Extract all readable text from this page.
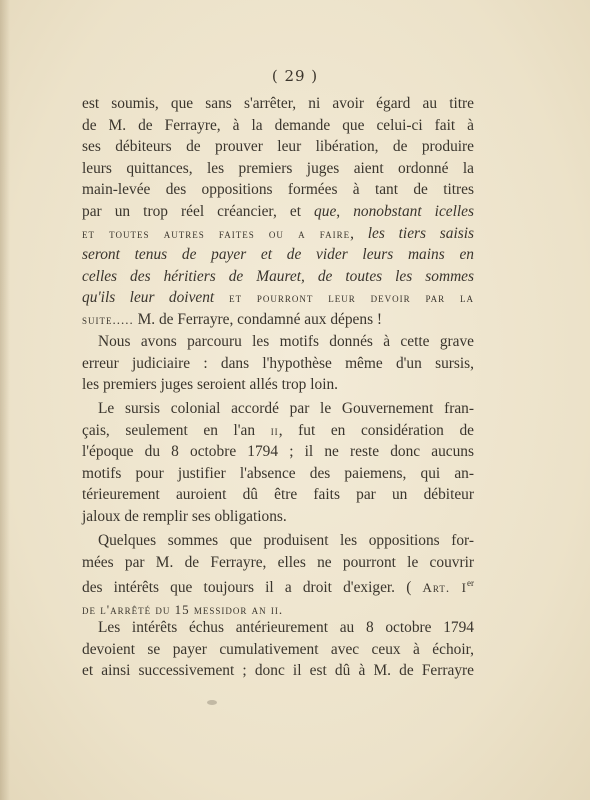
( 29 )
est soumis, que sans s'arrêter, ni avoir égard au titre
de M. de Ferrayre, à la demande que celui-ci fait à
ses débiteurs de prouver leur libération, de produire
leurs quittances, les premiers juges aient ordonné la
main-levée des oppositions formées à tant de titres
par un trop réel créancier, et que, nonobstant icelles
et toutes autres faites ou a faire, les tiers saisis
seront tenus de payer et de vider leurs mains en
celles des héritiers de Mauret, de toutes les sommes
qu'ils leur doivent et pourront leur devoir par la
suite..... M. de Ferrayre, condamné aux dépens !
Nous avons parcouru les motifs donnés à cette grave
erreur judiciaire : dans l'hypothèse même d'un sursis,
les premiers juges seroient allés trop loin.
Le sursis colonial accordé par le Gouvernement fran-
çais, seulement en l'an ii, fut en considération de
l'époque du 8 octobre 1794 ; il ne reste donc aucuns
motifs pour justifier l'absence des paiemens, qui an-
térieurement auroient dû être faits par un débiteur
jaloux de remplir ses obligations.
Quelques sommes que produisent les oppositions for-
mées par M. de Ferrayre, elles ne pourront le couvrir
des intérêts que toujours il a droit d'exiger. ( Art. Ier
de l'arrêté du 15 messidor an ii.
Les intérêts échus antérieurement au 8 octobre 1794
devoient se payer cumulativement avec ceux à échoir,
et ainsi successivement ; donc il est dû à M. de Ferrayre
